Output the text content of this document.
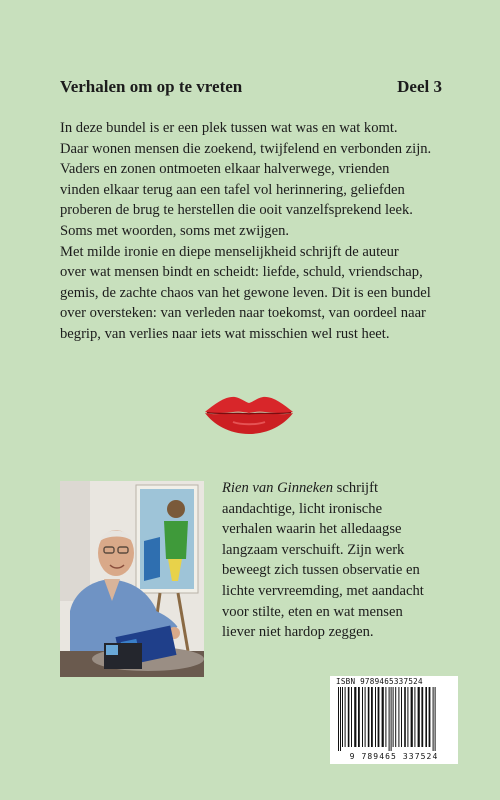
Verhalen om op te vreten	Deel 3

In deze bundel is er een plek tussen wat was en wat komt.

Daar wonen mensen die zoekend, twijfelend en verbonden zijn.

Vaders en zonen ontmoeten elkaar halverwege, vrienden

vinden elkaar terug aan een tafel vol herinnering, geliefden

proberen de brug te herstellen die ooit vanzelfsprekend leek.

Soms met woorden, soms met zwijgen.

Met milde ironie en diepe menselijkheid schrijft de auteur

over wat mensen bindt en scheidt: liefde, schuld, vriendschap,

gemis, de zachte chaos van het gewone leven. Dit is een bundel

over oversteken: van verleden naar toekomst, van oordeel naar

begrip, van verlies naar iets wat misschien wel rust heet.

Rien van Ginneken schrijft

aandachtige, licht ironische

verhalen waarin het alledaagse

langzaam verschuift. Zijn werk

beweegt zich tussen observatie en

lichte vervreemding, met aandacht

voor stilte, eten en wat mensen

liever niet hardop zeggen.

ISBN 9789465337524
9 789465 337524
